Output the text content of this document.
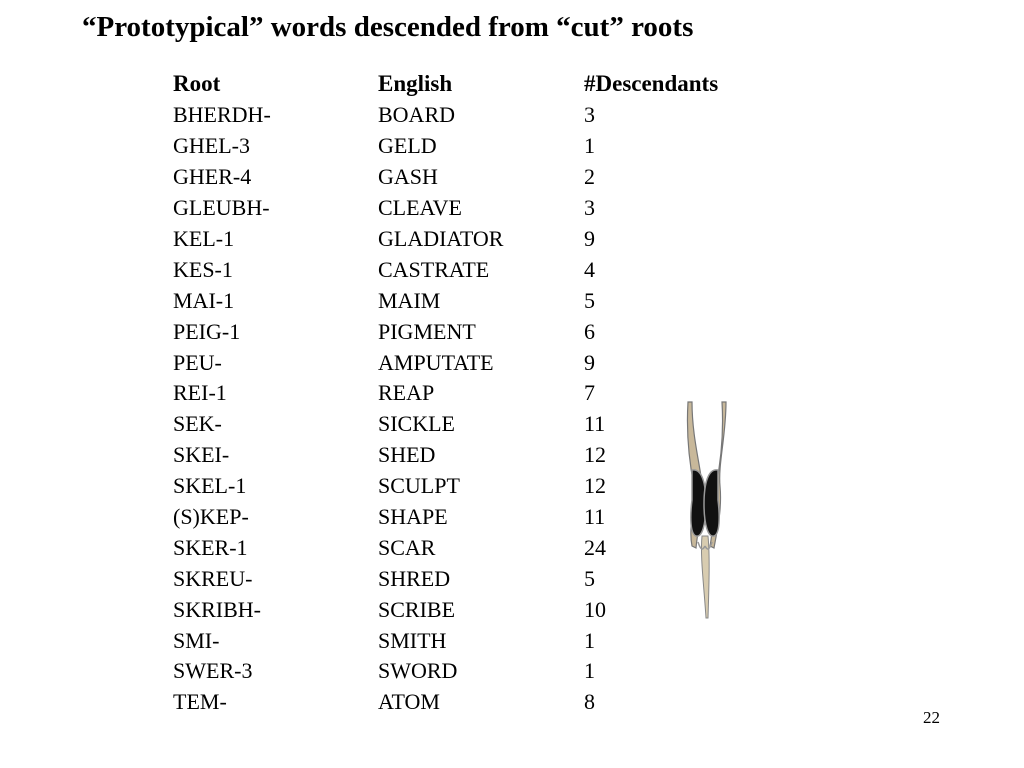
“Prototypical” words descended from “cut” roots
Root	English	#Descendants
BHERDH-	BOARD	3
GHEL-3	GELD	1
GHER-4	GASH	2
GLEUBH-	CLEAVE	3
KEL-1	GLADIATOR	9
KES-1	CASTRATE	4
MAI-1	MAIM	5
PEIG-1	PIGMENT	6
PEU-	AMPUTATE	9
REI-1	REAP	7
SEK-	SICKLE	11
SKEI-	SHED	12
SKEL-1	SCULPT	12
(S)KEP-	SHAPE	11
SKER-1	SCAR	24
SKREU-	SHRED	5
SKRIBH-	SCRIBE	10
SMI-	SMITH	1
SWER-3	SWORD	1
TEM-	ATOM	8
22
